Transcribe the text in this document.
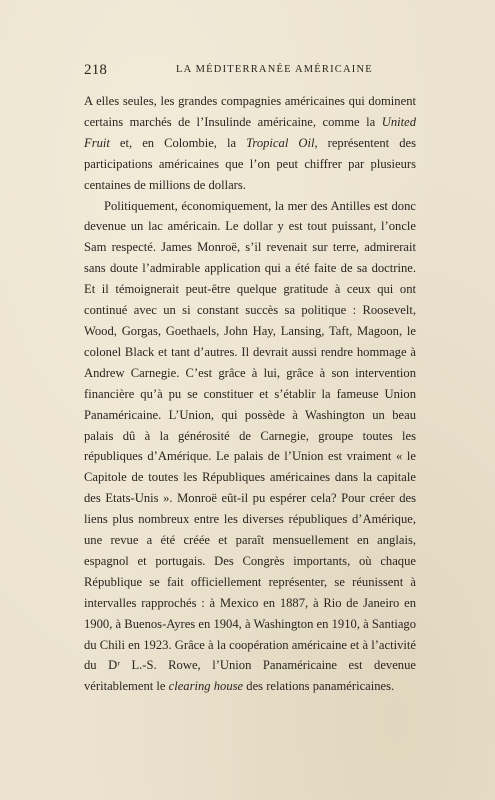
218	LA MÉDITERRANÉE AMÉRICAINE

A elles seules, les grandes compagnies américaines qui dominent certains marchés de l’Insulinde américaine, comme la United Fruit et, en Colombie, la Tropical Oil, représentent des participations américaines que l’on peut chiffrer par plusieurs centaines de millions de dollars.

Politiquement, économiquement, la mer des Antilles est donc devenue un lac américain. Le dollar y est tout puissant, l’oncle Sam respecté. James Monroë, s’il revenait sur terre, admirerait sans doute l’admirable application qui a été faite de sa doctrine. Et il témoignerait peut-être quelque gratitude à ceux qui ont continué avec un si constant succès sa politique : Roosevelt, Wood, Gorgas, Goethaels, John Hay, Lansing, Taft, Magoon, le colonel Black et tant d’autres. Il devrait aussi rendre hommage à Andrew Carnegie. C’est grâce à lui, grâce à son intervention financière qu’à pu se constituer et s’établir la fameuse Union Panaméricaine. L’Union, qui possède à Washington un beau palais dû à la générosité de Carnegie, groupe toutes les républiques d’Amérique. Le palais de l’Union est vraiment « le Capitole de toutes les Républiques américaines dans la capitale des Etats-Unis ». Monroë eût-il pu espérer cela? Pour créer des liens plus nombreux entre les diverses républiques d’Amérique, une revue a été créée et paraît mensuellement en anglais, espagnol et portugais. Des Congrès importants, où chaque République se fait officiellement représenter, se réunissent à intervalles rapprochés : à Mexico en 1887, à Rio de Janeiro en 1900, à Buenos-Ayres en 1904, à Washington en 1910, à Santiago du Chili en 1923. Grâce à la coopération américaine et à l’activité du Dʳ L.-S. Rowe, l’Union Panaméricaine est devenue véritablement le clearing house des relations panaméricaines.
